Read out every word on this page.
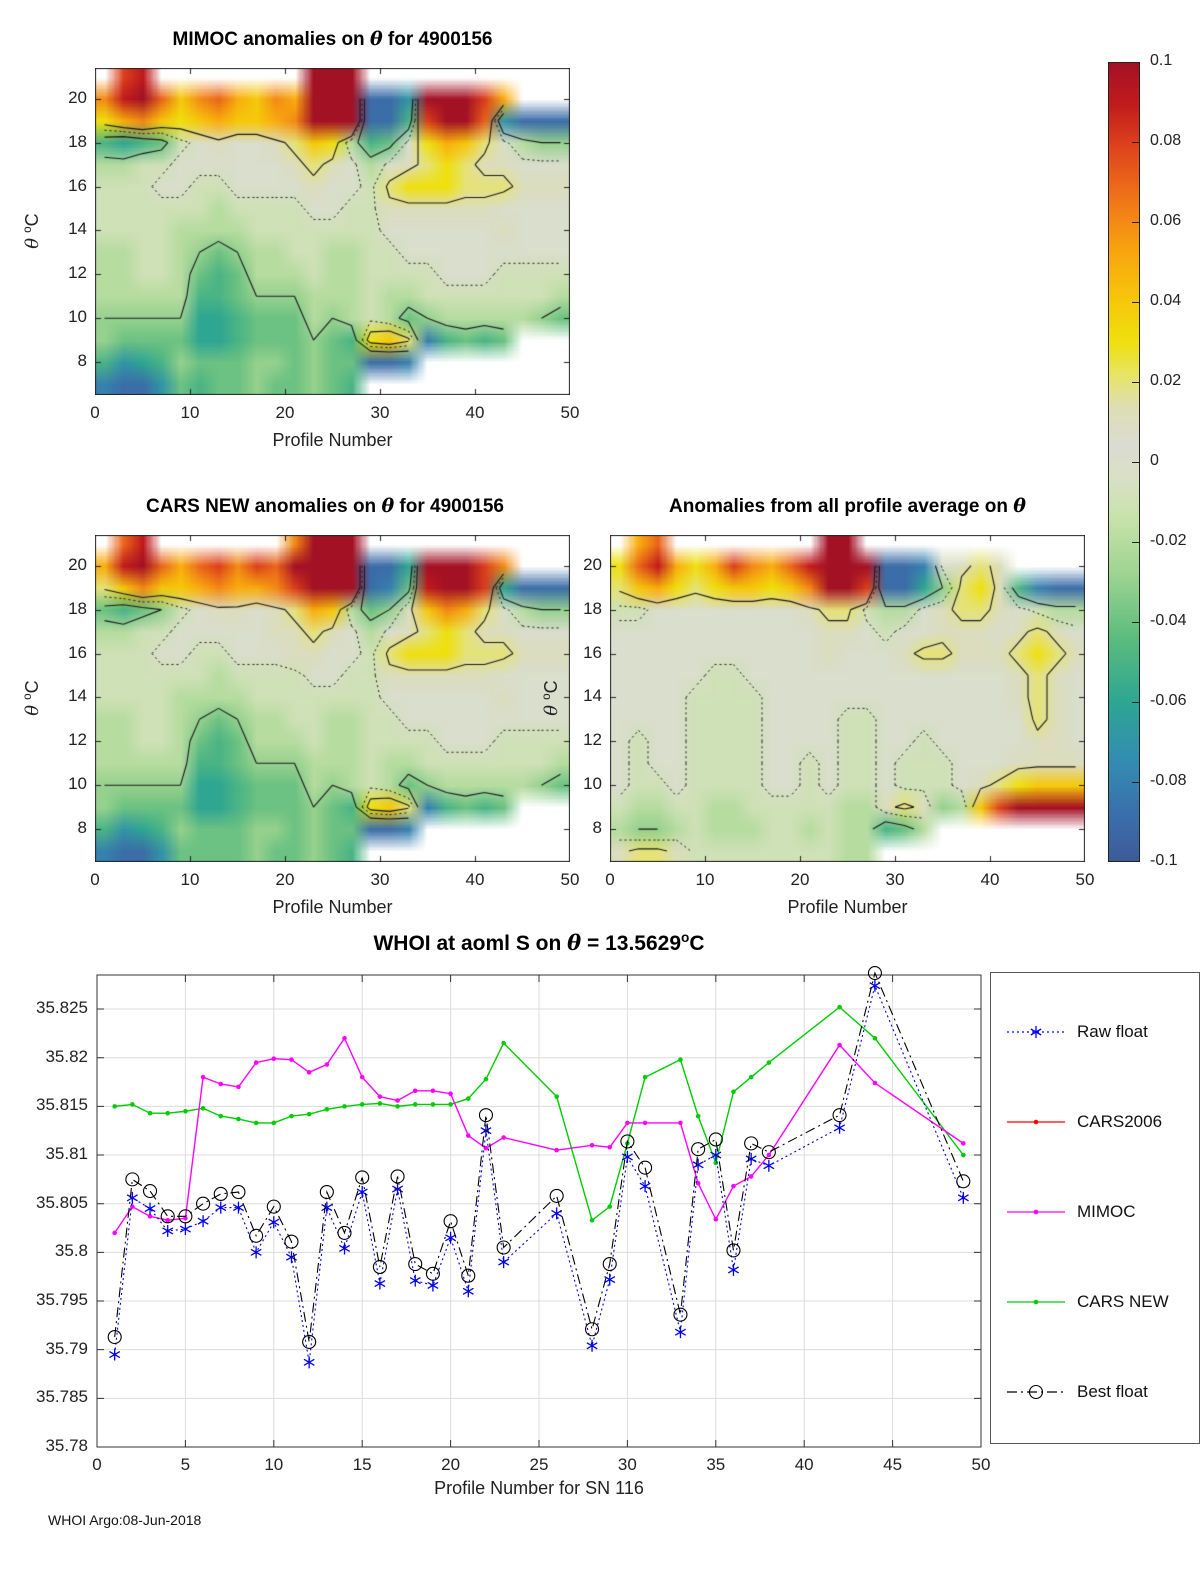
MIMOC anomalies on θ for 4900156
Profile Number
θ $^o$C
CARS NEW anomalies on θ for 4900156
Profile Number
θ $^o$C
Anomalies from all profile average on θ
Profile Number
θ $^o$C
WHOI at aoml S on $\theta = 13.5629^oC$
Profile Number for SN 116
Raw float
CARS2006
MIMOC
CARS NEW
Best float
WHOI Argo:08-Jun-2018
0	10	20	30	40	50
8
10
12
14
16
18
20
0	10	20	30	40	50
8
10
12
14
16
18
20
0	10	20	30	40	50
8
10
12
14
16
18
20
0.1
0.08
0.06
0.04
0.02
0
-0.02
-0.04
-0.06
-0.08
-0.1
0	5	10	15	20	25	30	35	40	45	50
35.78
35.785
35.79
35.795
35.8
35.805
35.81
35.815
35.82
35.825
